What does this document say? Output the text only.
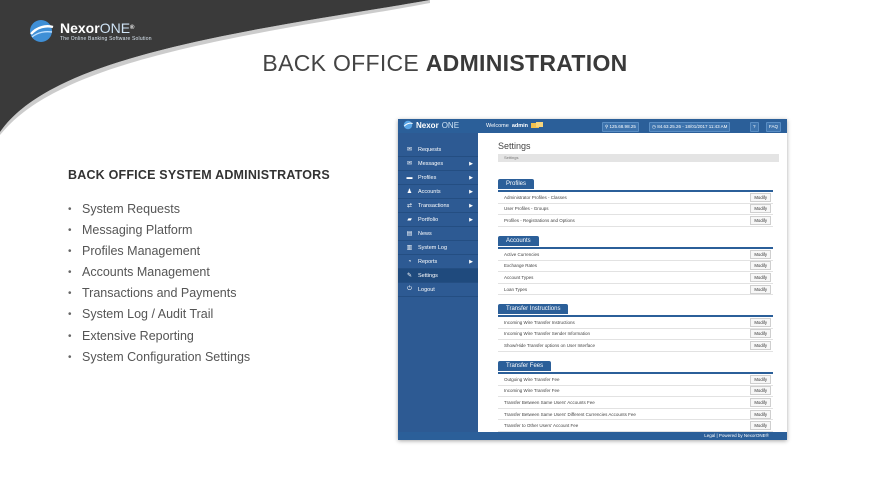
NexorONE®
The Online Banking Software Solution
BACK OFFICE ADMINISTRATION
BACK OFFICE SYSTEM ADMINISTRATORS
• System Requests
• Messaging Platform
• Profiles Management
• Accounts Management
• Transactions and Payments
• System Log / Audit Trail
• Extensive Reporting
• System Configuration Settings
Nexor ONE	Welcome admin	⚲ 125.68.98.25	◷ 84.63.25.26 - 18/01/2017 11:43 AM	?	FAQ
✉	Requests
✉	Messages	▶
▬ Profiles	▶
♟	Accounts	▶
⇄	Transactions	▶
▰	Portfolio	▶
▤	News
▥	System Log
◔	Reports	▶
✎	Settings
⏻	Logout
Settings
Settings
Profiles
Administrator Profiles - Classes	Modify
User Profiles - Groups	Modify
Profiles - Registrations and Options	Modify
Accounts
Active Currencies	Modify
Exchange Rates	Modify
Account Types	Modify
Loan Types	Modify
Transfer Instructions
Incoming Wire Transfer Instructions	Modify
Incoming Wire Transfer Sender Information	Modify
Show/Hide Transfer options on User Interface	Modify
Transfer Fees
Outgoing Wire Transfer Fee	Modify
Incoming Wire Transfer Fee	Modify
Transfer Between Same Users' Accounts Fee	Modify
Transfer Between Same Users' Different Currencies Accounts Fee	Modify
Transfer to Other Users' Account Fee	Modify
Legal | Powered by NexorONE®
